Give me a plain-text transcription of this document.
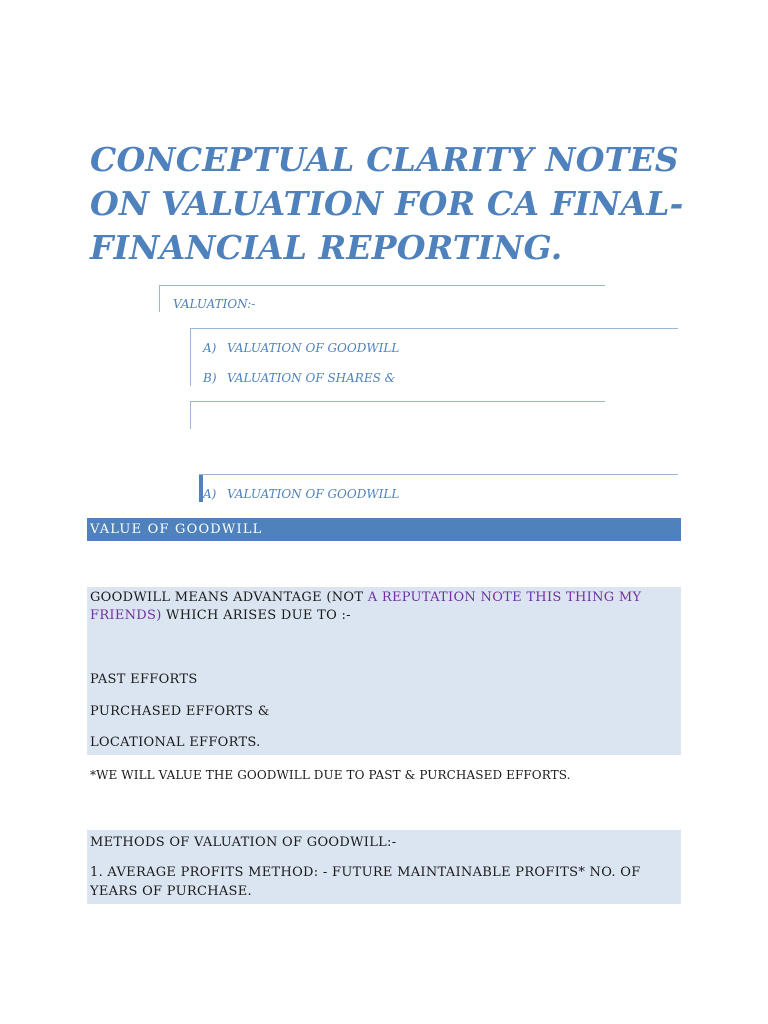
CONCEPTUAL CLARITY NOTES
ON VALUATION FOR CA FINAL-
FINANCIAL REPORTING.
VALUATION:-
A) VALUATION OF GOODWILL
B) VALUATION OF SHARES &
A) VALUATION OF GOODWILL
VALUE OF GOODWILL
GOODWILL MEANS ADVANTAGE (NOT A REPUTATION NOTE THIS THING MY
FRIENDS) WHICH ARISES DUE TO :-
PAST EFFORTS
PURCHASED EFFORTS &
LOCATIONAL EFFORTS.
*WE WILL VALUE THE GOODWILL DUE TO PAST & PURCHASED EFFORTS.
METHODS OF VALUATION OF GOODWILL:-
1. AVERAGE PROFITS METHOD: - FUTURE MAINTAINABLE PROFITS* NO. OF
YEARS OF PURCHASE.
